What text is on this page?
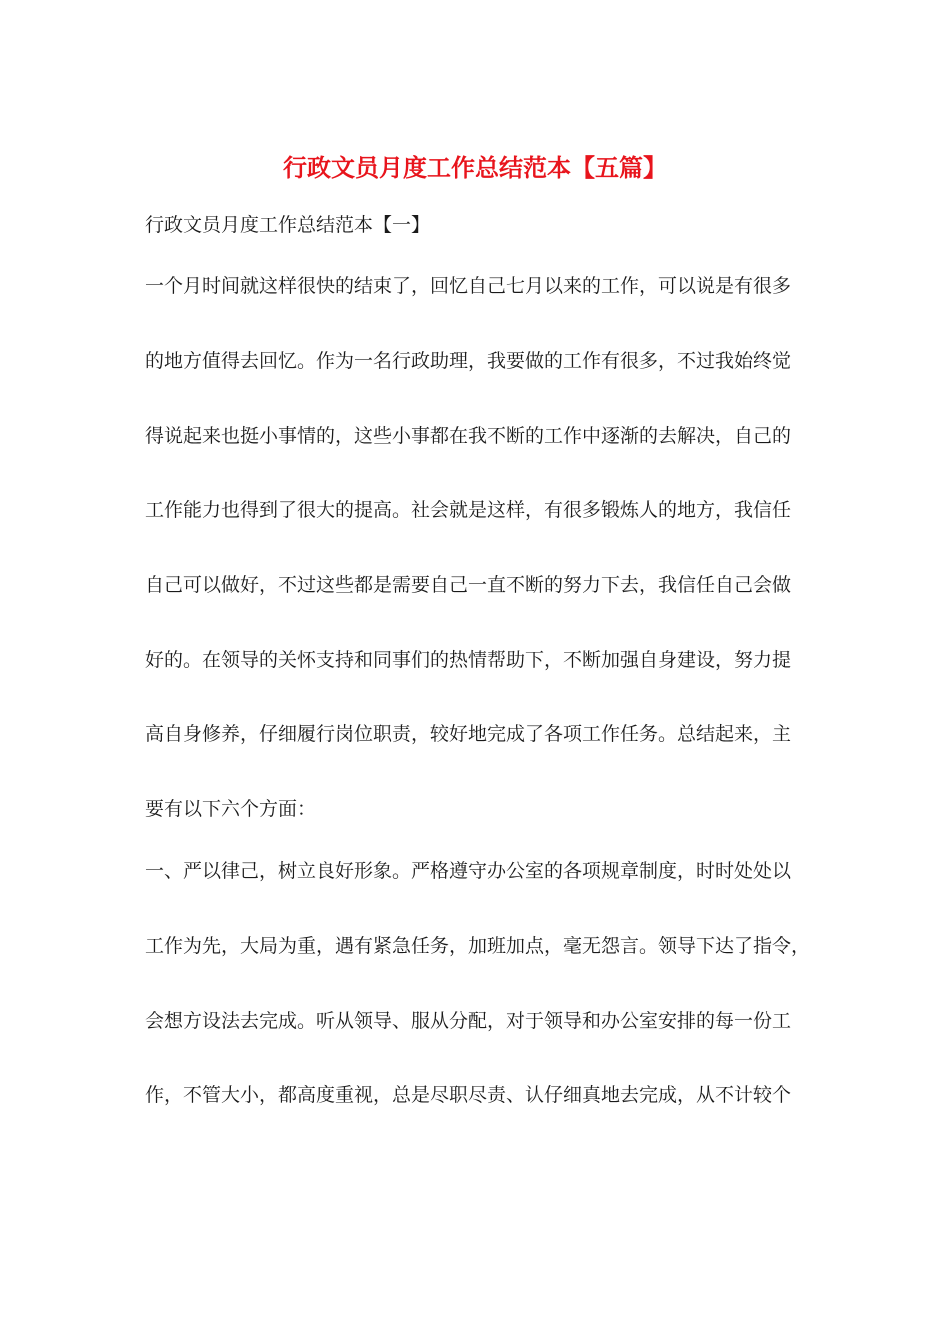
行政文员月度工作总结范本【五篇】

行政文员月度工作总结范本【一】

一个月时间就这样很快的结束了，回忆自己七月以来的工作，可以说是有很多

的地方值得去回忆。作为一名行政助理，我要做的工作有很多，不过我始终觉

得说起来也挺小事情的，这些小事都在我不断的工作中逐渐的去解决，自己的

工作能力也得到了很大的提高。社会就是这样，有很多锻炼人的地方，我信任

自己可以做好，不过这些都是需要自己一直不断的努力下去，我信任自己会做

好的。在领导的关怀支持和同事们的热情帮助下，不断加强自身建设，努力提

高自身修养，仔细履行岗位职责，较好地完成了各项工作任务。总结起来，主

要有以下六个方面：

一、严以律己，树立良好形象。严格遵守办公室的各项规章制度，时时处处以

工作为先，大局为重，遇有紧急任务，加班加点，毫无怨言。领导下达了指令，

会想方设法去完成。听从领导、服从分配，对于领导和办公室安排的每一份工

作，不管大小，都高度重视，总是尽职尽责、认仔细真地去完成，从不计较个
